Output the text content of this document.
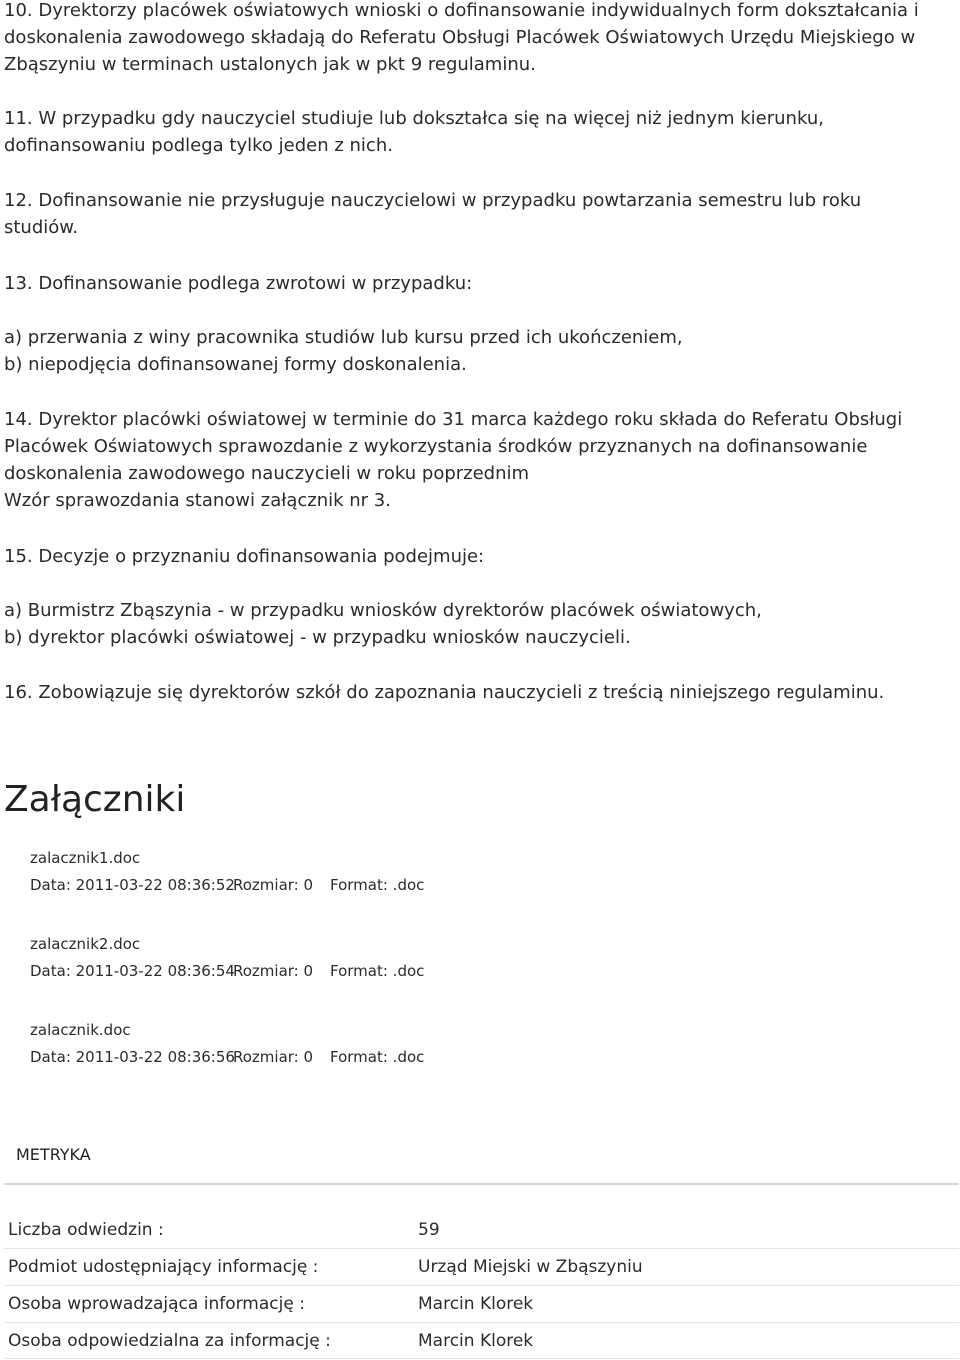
10. Dyrektorzy placówek oświatowych wnioski o dofinansowanie indywidualnych form dokształcania i
doskonalenia zawodowego składają do Referatu Obsługi Placówek Oświatowych Urzędu Miejskiego w
Zbąszyniu w terminach ustalonych jak w pkt 9 regulaminu.

11. W przypadku gdy nauczyciel studiuje lub dokształca się na więcej niż jednym kierunku,
dofinansowaniu podlega tylko jeden z nich.

12. Dofinansowanie nie przysługuje nauczycielowi w przypadku powtarzania semestru lub roku
studiów.

13. Dofinansowanie podlega zwrotowi w przypadku:

a) przerwania z winy pracownika studiów lub kursu przed ich ukończeniem,
b) niepodjęcia dofinansowanej formy doskonalenia.

14. Dyrektor placówki oświatowej w terminie do 31 marca każdego roku składa do Referatu Obsługi
Placówek Oświatowych sprawozdanie z wykorzystania środków przyznanych na dofinansowanie
doskonalenia zawodowego nauczycieli w roku poprzednim
Wzór sprawozdania stanowi załącznik nr 3.

15. Decyzje o przyznaniu dofinansowania podejmuje:

a) Burmistrz Zbąszynia - w przypadku wniosków dyrektorów placówek oświatowych,
b) dyrektor placówki oświatowej - w przypadku wniosków nauczycieli.

16. Zobowiązuje się dyrektorów szkół do zapoznania nauczycieli z treścią niniejszego regulaminu.

Załączniki
zalacznik1.doc
Data: 2011-03-22 08:36:52Rozmiar: 0 Format: .doc
zalacznik2.doc
Data: 2011-03-22 08:36:54Rozmiar: 0 Format: .doc
zalacznik.doc
Data: 2011-03-22 08:36:56Rozmiar: 0 Format: .doc
METRYKA
Liczba odwiedzin :	59
Podmiot udostępniający informację :	Urząd Miejski w Zbąszyniu
Osoba wprowadzająca informację :	Marcin Klorek
Osoba odpowiedzialna za informację :	Marcin Klorek
